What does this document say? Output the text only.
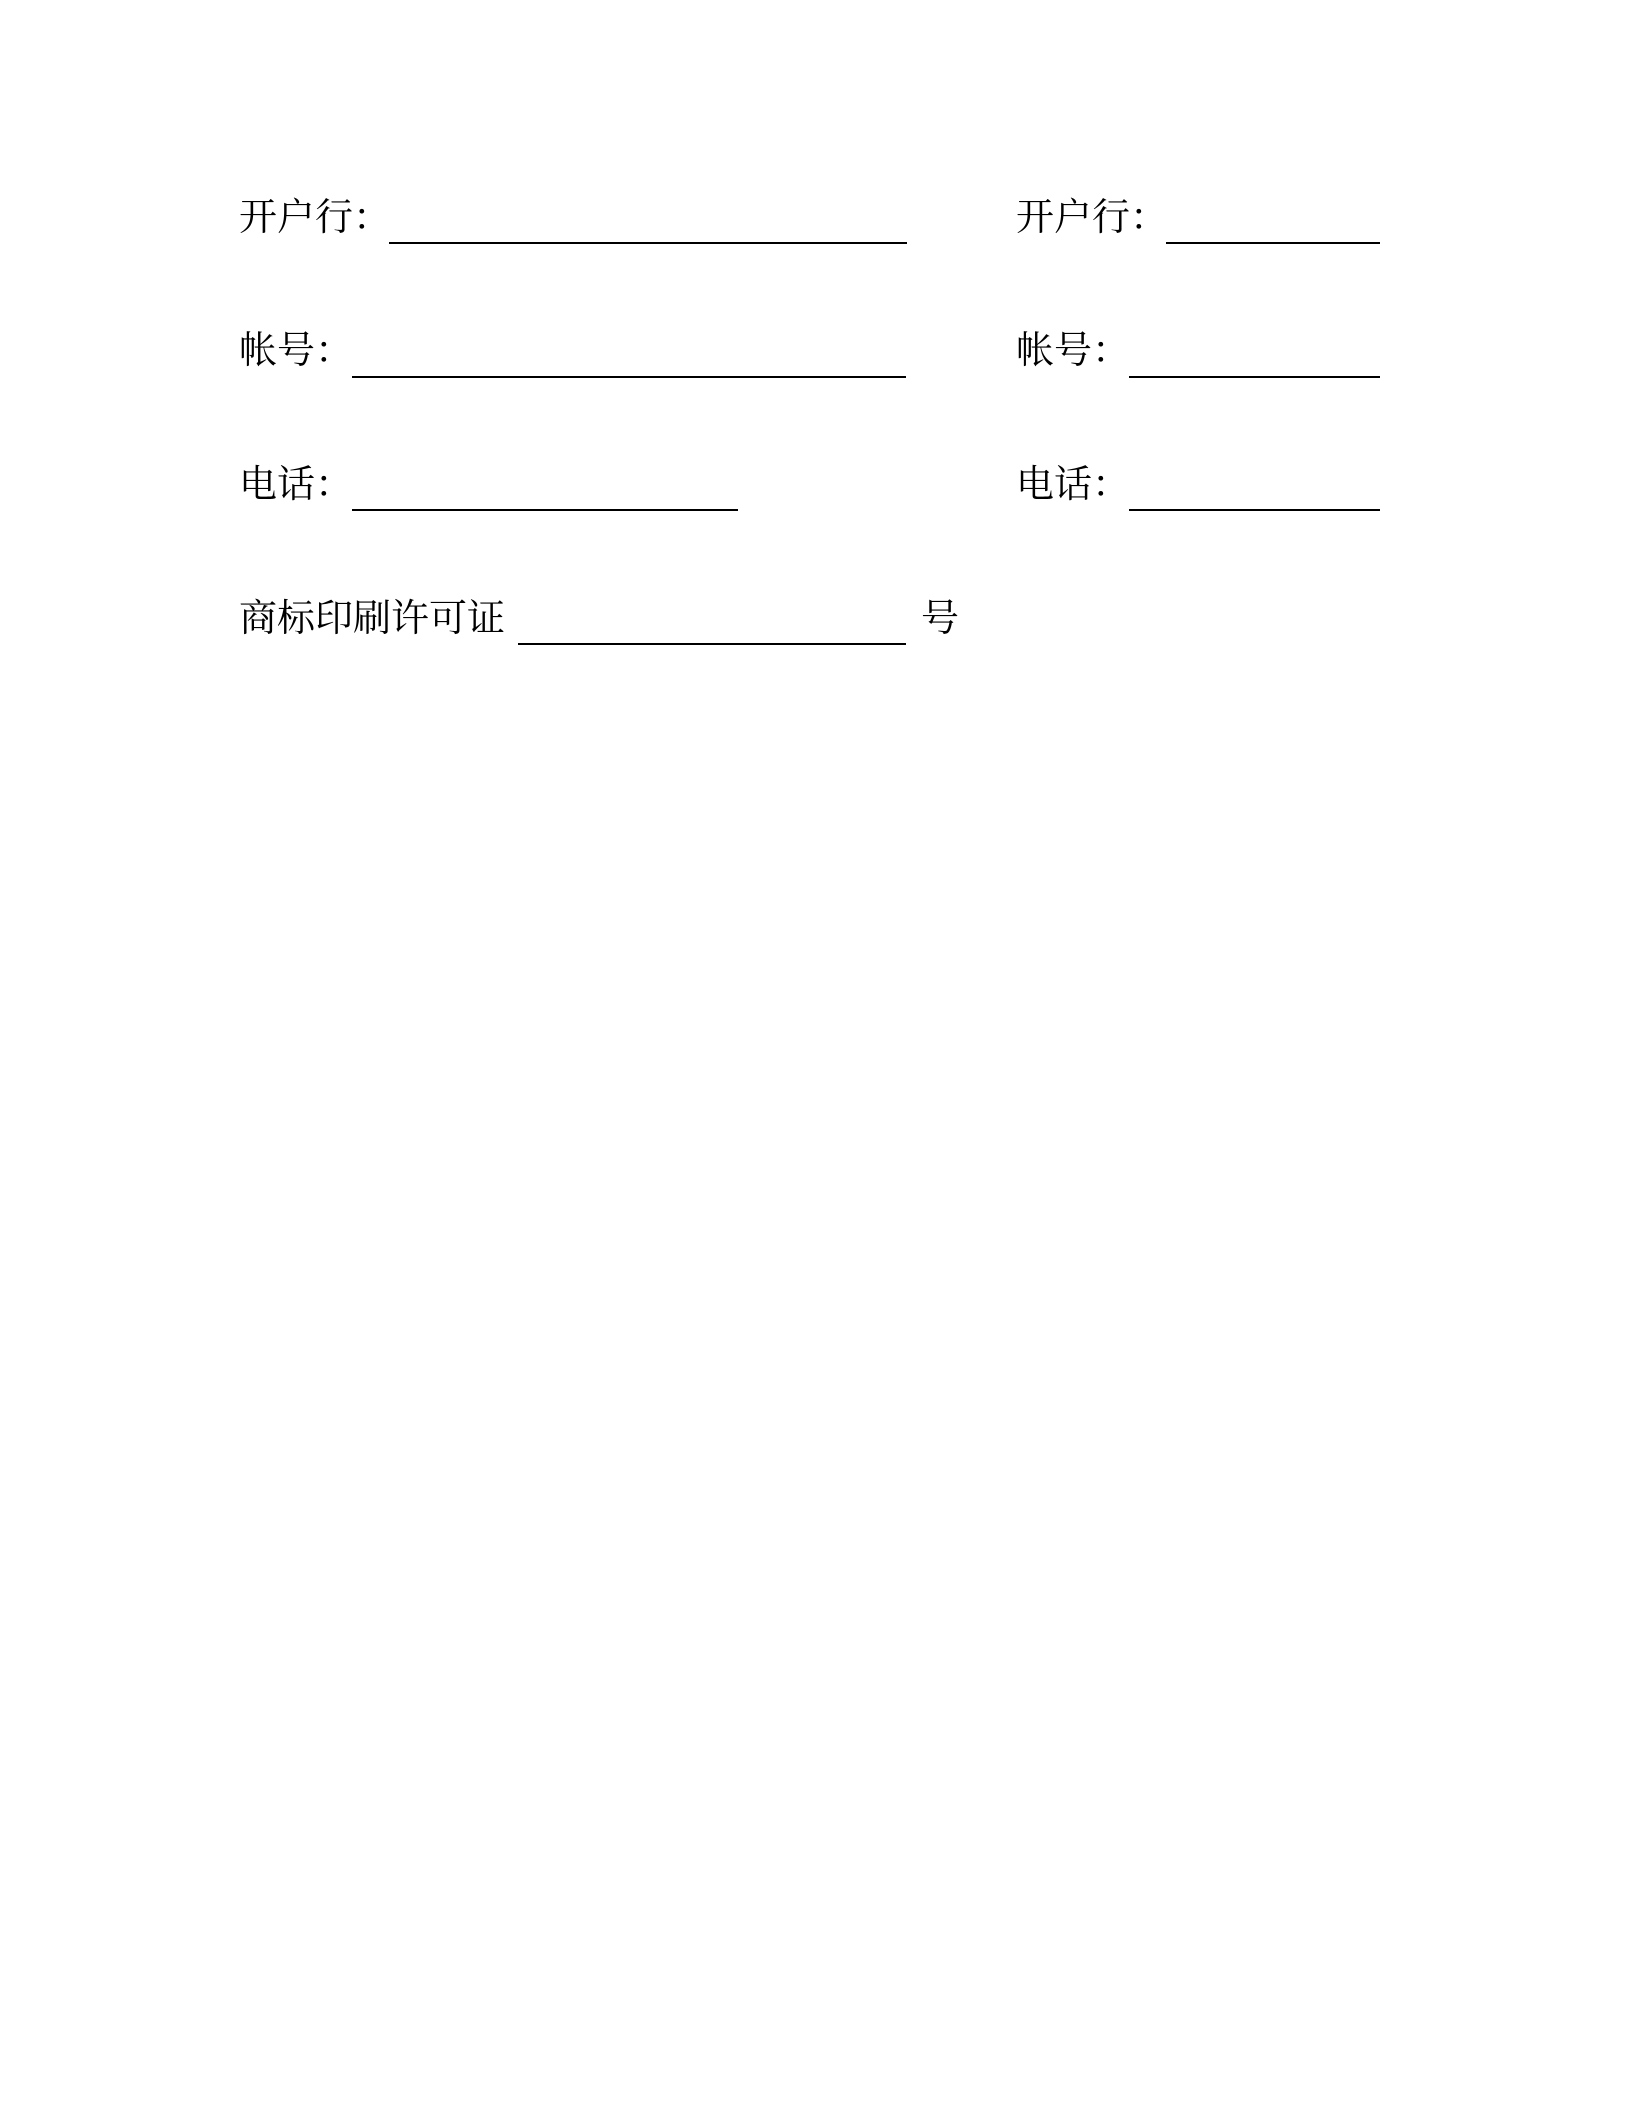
开户行：
帐号：
电话：
开户行：
帐号：
电话：
商标印刷许可证	号
